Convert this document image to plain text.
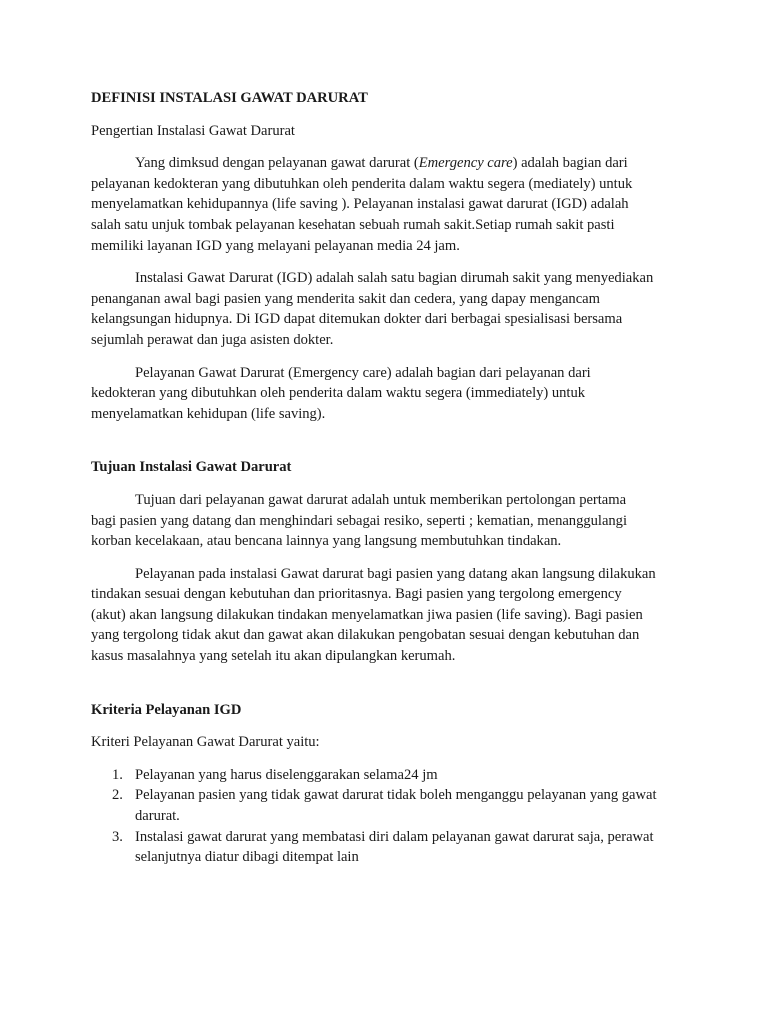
DEFINISI INSTALASI GAWAT DARURAT

Pengertian Instalasi Gawat Darurat

Yang dimksud dengan pelayanan gawat darurat (Emergency care) adalah bagian dari
pelayanan kedokteran yang dibutuhkan oleh penderita dalam waktu segera (mediately) untuk
menyelamatkan kehidupannya (life saving ). Pelayanan instalasi gawat darurat (IGD) adalah
salah satu unjuk tombak pelayanan kesehatan sebuah rumah sakit.Setiap rumah sakit pasti
memiliki layanan IGD yang melayani pelayanan media 24 jam.

Instalasi Gawat Darurat (IGD) adalah salah satu bagian dirumah sakit yang menyediakan
penanganan awal bagi pasien yang menderita sakit dan cedera, yang dapay mengancam
kelangsungan hidupnya. Di IGD dapat ditemukan dokter dari berbagai spesialisasi bersama
sejumlah perawat dan juga asisten dokter.

Pelayanan Gawat Darurat (Emergency care) adalah bagian dari pelayanan dari
kedokteran yang dibutuhkan oleh penderita dalam waktu segera (immediately) untuk
menyelamatkan kehidupan (life saving).

Tujuan Instalasi Gawat Darurat

Tujuan dari pelayanan gawat darurat adalah untuk memberikan pertolongan pertama
bagi pasien yang datang dan menghindari sebagai resiko, seperti ; kematian, menanggulangi
korban kecelakaan, atau bencana lainnya yang langsung membutuhkan tindakan.

Pelayanan pada instalasi Gawat darurat bagi pasien yang datang akan langsung dilakukan
tindakan sesuai dengan kebutuhan dan prioritasnya. Bagi pasien yang tergolong emergency
(akut) akan langsung dilakukan tindakan menyelamatkan jiwa pasien (life saving). Bagi pasien
yang tergolong tidak akut dan gawat akan dilakukan pengobatan sesuai dengan kebutuhan dan
kasus masalahnya yang setelah itu akan dipulangkan kerumah.

Kriteria Pelayanan IGD

Kriteri Pelayanan Gawat Darurat yaitu:

1. Pelayanan yang harus diselenggarakan selama24 jm
2. Pelayanan pasien yang tidak gawat darurat tidak boleh menganggu pelayanan yang gawat
darurat.
3. Instalasi gawat darurat yang membatasi diri dalam pelayanan gawat darurat saja, perawat
selanjutnya diatur dibagi ditempat lain
